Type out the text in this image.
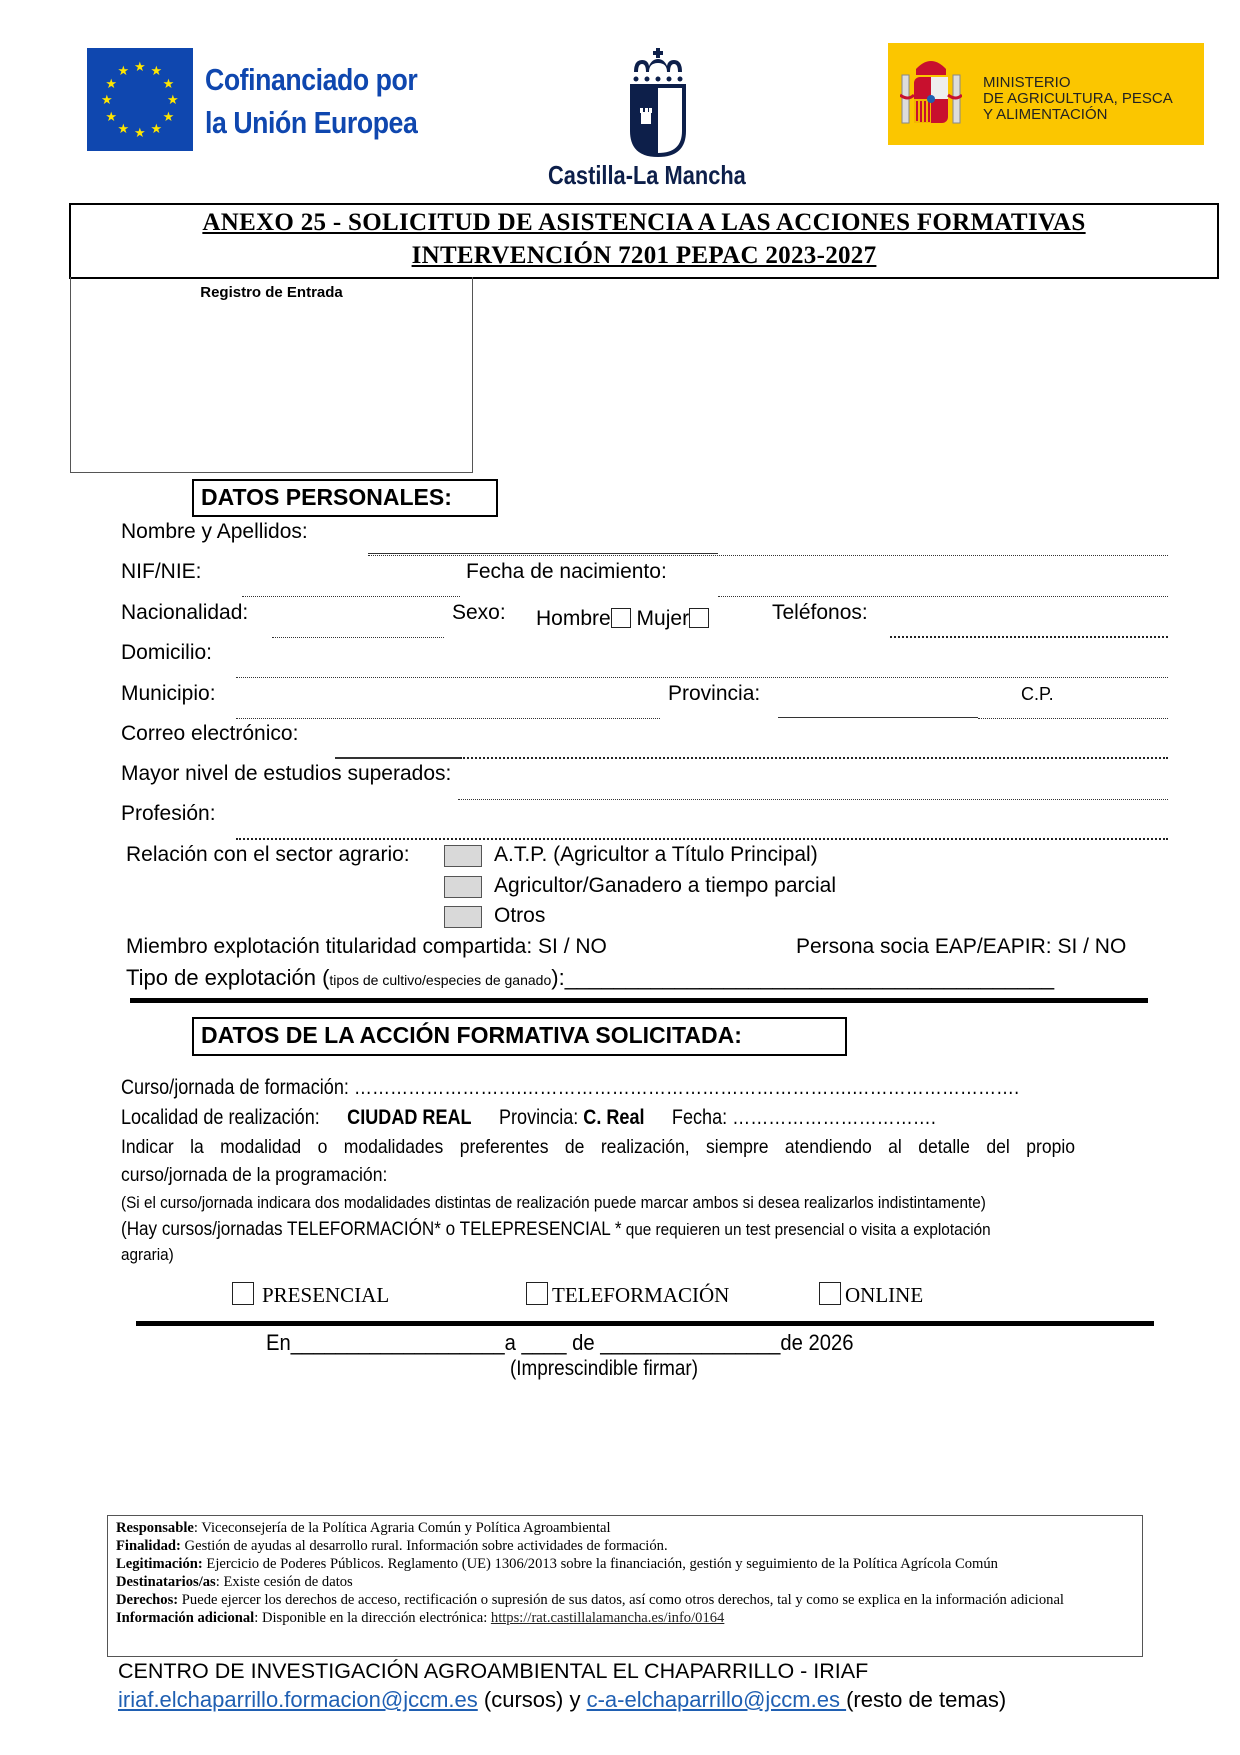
★ ★
★
★
★
★
★
★
★
★
★
★ Cofinanciado por
la Unión Europea
Castilla-La Mancha
MINISTERIO
DE AGRICULTURA, PESCA
Y ALIMENTACIÓN
ANEXO 25 - SOLICITUD DE ASISTENCIA A LAS ACCIONES FORMATIVAS
INTERVENCIÓN 7201 PEPAC 2023-2027
Registro de Entrada
DATOS PERSONALES:
Nombre y Apellidos:
NIF/NIE:	Fecha de nacimiento:
Nacionalidad:	Sexo: Hombre Mujer	Teléfonos:
Domicilio:
Municipio:	Provincia:	C.P.
Correo electrónico:
Mayor nivel de estudios superados:
Profesión:
Relación con el sector agrario:	A.T.P. (Agricultor a Título Principal)
Agricultor/Ganadero a tiempo parcial
Otros
Miembro explotación titularidad compartida: SI / NO	Persona socia EAP/EAPIR: SI / NO
Tipo de explotación (tipos de cultivo/especies de ganado):________________________________________
DATOS DE LA ACCIÓN FORMATIVA SOLICITADA:
Curso/jornada de formación: ……………………….……………………………………………….……………………….
Localidad de realización: CIUDAD REAL Provincia: C. Real Fecha: …………………………….
Indicar la modalidad o modalidades preferentes de realización, siempre atendiendo al detalle del propio
curso/jornada de la programación:
(Si el curso/jornada indicara dos modalidades distintas de realización puede marcar ambos si desea realizarlos indistintamente)
(Hay cursos/jornadas TELEFORMACIÓN* o TELEPRESENCIAL * que requieren un test presencial o visita a explotación
agraria)
PRESENCIAL	TELEFORMACIÓN	ONLINE
En___________________a ____ de ________________de 2026
(Imprescindible firmar)
Responsable: Viceconsejería de la Política Agraria Común y Política Agroambiental
Finalidad: Gestión de ayudas al desarrollo rural. Información sobre actividades de formación.
Legitimación: Ejercicio de Poderes Públicos. Reglamento (UE) 1306/2013 sobre la financiación, gestión y seguimiento de la Política Agrícola Común
Destinatarios/as: Existe cesión de datos
Derechos: Puede ejercer los derechos de acceso, rectificación o supresión de sus datos, así como otros derechos, tal y como se explica en la información adicional
Información adicional: Disponible en la dirección electrónica: https://rat.castillalamancha.es/info/0164
CENTRO DE INVESTIGACIÓN AGROAMBIENTAL EL CHAPARRILLO - IRIAF
iriaf.elchaparrillo.formacion@jccm.es (cursos) y c-a-elchaparrillo@jccm.es (resto de temas)
